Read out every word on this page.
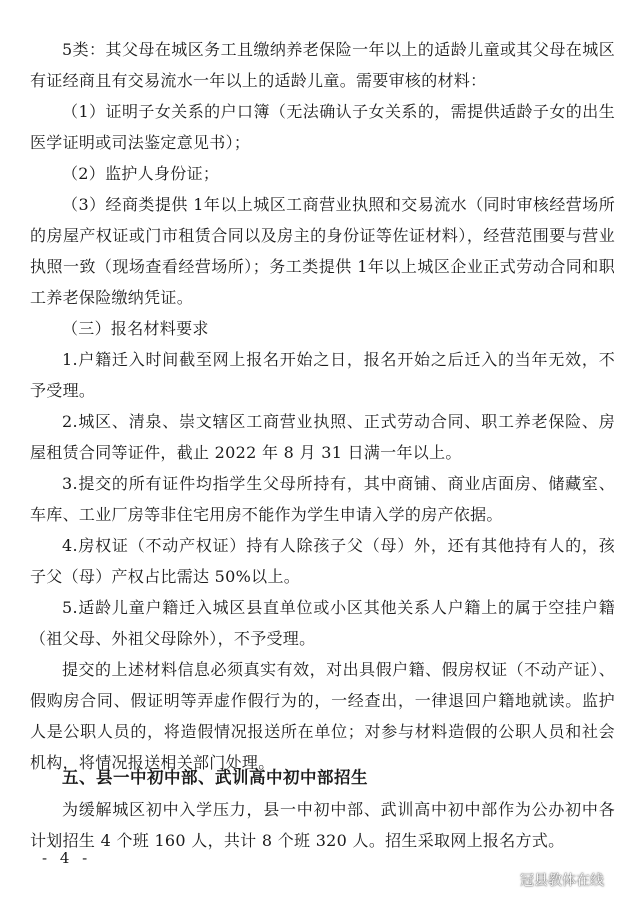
5类：其父母在城区务工且缴纳养老保险一年以上的适龄儿童或其父母在城区有证经商且有交易流水一年以上的适龄儿童。需要审核的材料：

（1）证明子女关系的户口簿（无法确认子女关系的，需提供适龄子女的出生医学证明或司法鉴定意见书）；

（2）监护人身份证；

（3）经商类提供 1年以上城区工商营业执照和交易流水（同时审核经营场所的房屋产权证或门市租赁合同以及房主的身份证等佐证材料），经营范围要与营业执照一致（现场查看经营场所）；务工类提供 1年以上城区企业正式劳动合同和职工养老保险缴纳凭证。

（三）报名材料要求

1.户籍迁入时间截至网上报名开始之日，报名开始之后迁入的当年无效，不予受理。

2.城区、清泉、崇文辖区工商营业执照、正式劳动合同、职工养老保险、房屋租赁合同等证件，截止 2022 年 8 月 31 日满一年以上。

3.提交的所有证件均指学生父母所持有，其中商铺、商业店面房、储藏室、车库、工业厂房等非住宅用房不能作为学生申请入学的房产依据。

4.房权证（不动产权证）持有人除孩子父（母）外，还有其他持有人的，孩子父（母）产权占比需达 50%以上。

5.适龄儿童户籍迁入城区县直单位或小区其他关系人户籍上的属于空挂户籍（祖父母、外祖父母除外），不予受理。

提交的上述材料信息必须真实有效，对出具假户籍、假房权证（不动产证）、假购房合同、假证明等弄虚作假行为的，一经查出，一律退回户籍地就读。监护人是公职人员的，将造假情况报送所在单位；对参与材料造假的公职人员和社会机构，将情况报送相关部门处理。

五、县一中初中部、武训高中初中部招生

为缓解城区初中入学压力，县一中初中部、武训高中初中部作为公办初中各计划招生 4 个班 160 人，共计 8 个班 320 人。招生采取网上报名方式。

- 4 -
冠县教体在线
